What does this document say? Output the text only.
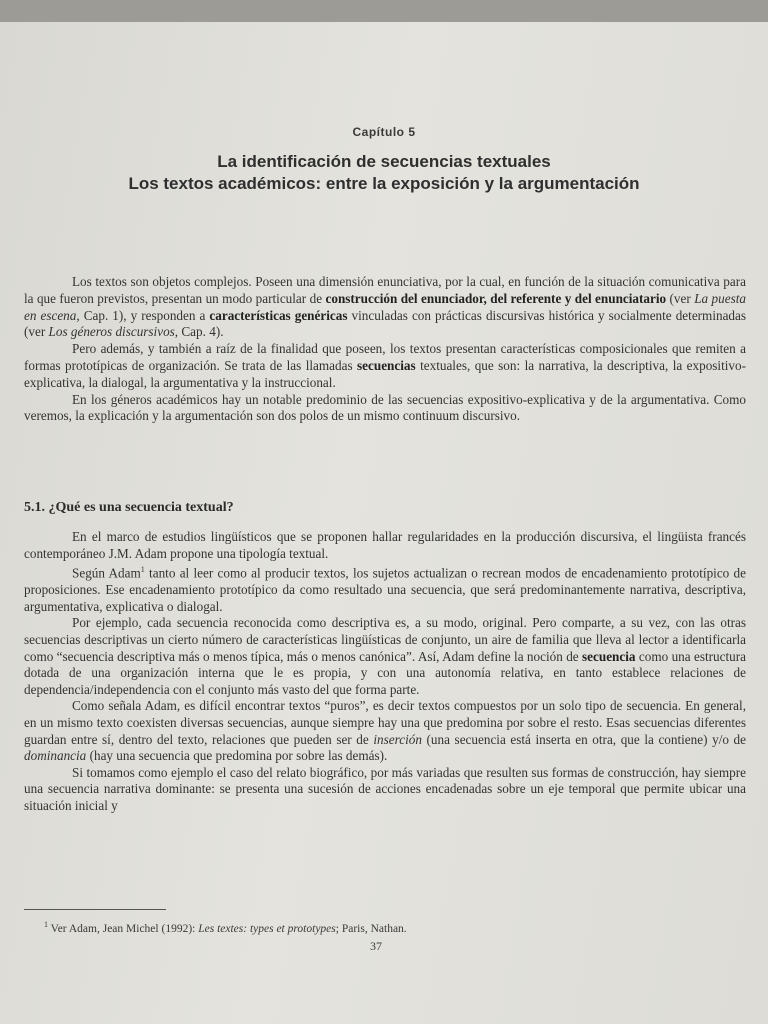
Capítulo 5
La identificación de secuencias textuales
Los textos académicos: entre la exposición y la argumentación

Los textos son objetos complejos. Poseen una dimensión enunciativa, por la cual, en función de la situación comunicativa para la que fueron previstos, presentan un modo particular de construcción del enunciador, del referente y del enunciatario (ver La puesta en escena, Cap. 1), y responden a características genéricas vinculadas con prácticas discursivas histórica y socialmente determinadas (ver Los géneros discursivos, Cap. 4).

Pero además, y también a raíz de la finalidad que poseen, los textos presentan características composicionales que remiten a formas prototípicas de organización. Se trata de las llamadas secuencias textuales, que son: la narrativa, la descriptiva, la expositivo-explicativa, la dialogal, la argumentativa y la instruccional.

En los géneros académicos hay un notable predominio de las secuencias expositivo-explicativa y de la argumentativa. Como veremos, la explicación y la argumentación son dos polos de un mismo continuum discursivo.

5.1. ¿Qué es una secuencia textual?

En el marco de estudios lingüísticos que se proponen hallar regularidades en la producción discursiva, el lingüista francés contemporáneo J.M. Adam propone una tipología textual.

Según Adam$^1$ tanto al leer como al producir textos, los sujetos actualizan o recrean modos de encadenamiento prototípico de proposiciones. Ese encadenamiento prototípico da como resultado una secuencia, que será predominantemente narrativa, descriptiva, argumentativa, explicativa o dialogal.

Por ejemplo, cada secuencia reconocida como descriptiva es, a su modo, original. Pero comparte, a su vez, con las otras secuencias descriptivas un cierto número de características lingüísticas de conjunto, un aire de familia que lleva al lector a identificarla como “secuencia descriptiva más o menos típica, más o menos canónica”. Así, Adam define la noción de secuencia como una estructura dotada de una organización interna que le es propia, y con una autonomía relativa, en tanto establece relaciones de dependencia/independencia con el conjunto más vasto del que forma parte.

Como señala Adam, es difícil encontrar textos “puros”, es decir textos compuestos por un solo tipo de secuencia. En general, en un mismo texto coexisten diversas secuencias, aunque siempre hay una que predomina por sobre el resto. Esas secuencias diferentes guardan entre sí, dentro del texto, relaciones que pueden ser de inserción (una secuencia está inserta en otra, que la contiene) y/o de dominancia (hay una secuencia que predomina por sobre las demás).

Si tomamos como ejemplo el caso del relato biográfico, por más variadas que resulten sus formas de construcción, hay siempre una secuencia narrativa dominante: se presenta una sucesión de acciones encadenadas sobre un eje temporal que permite ubicar una situación inicial y

$^1$ Ver Adam, Jean Michel (1992): Les textes: types et prototypes; Paris, Nathan.
37
